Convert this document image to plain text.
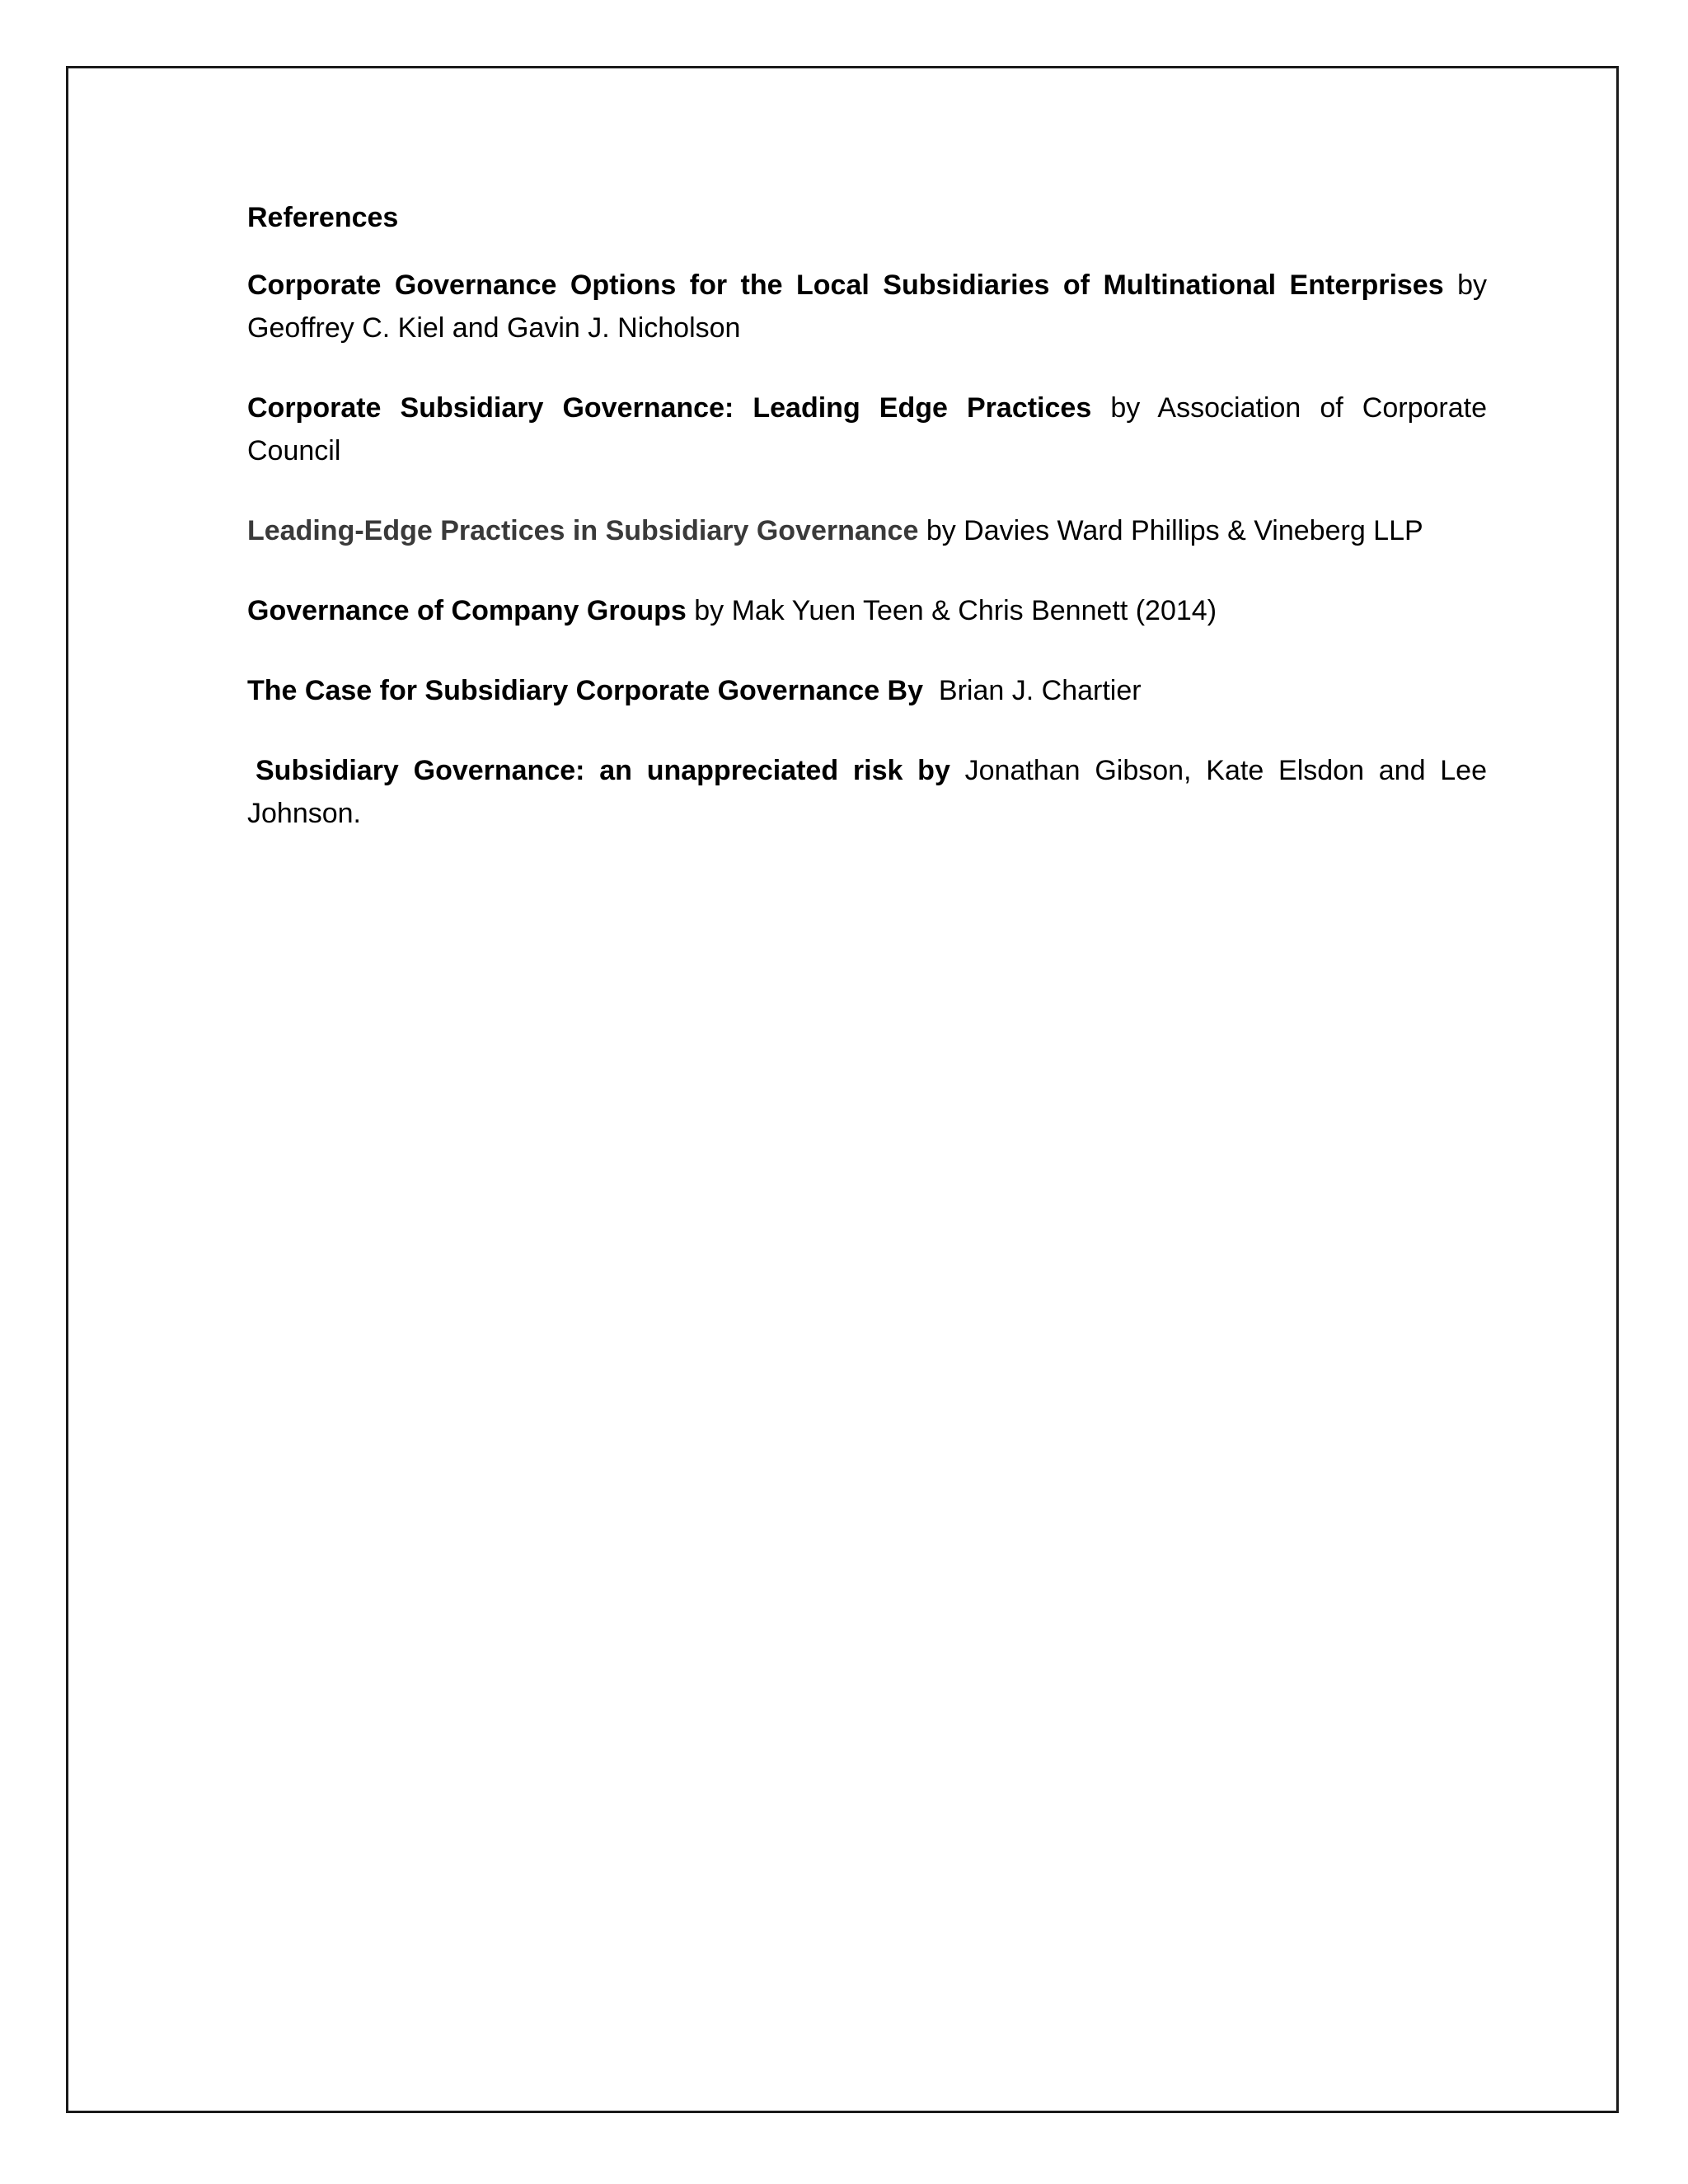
References

Corporate Governance Options for the Local Subsidiaries of Multinational Enterprises by Geoffrey C. Kiel and Gavin J. Nicholson

Corporate Subsidiary Governance: Leading Edge Practices by Association of Corporate Council

Leading-Edge Practices in Subsidiary Governance by Davies Ward Phillips & Vineberg LLP

Governance of Company Groups by Mak Yuen Teen & Chris Bennett (2014)

The Case for Subsidiary Corporate Governance By  Brian J. Chartier

Subsidiary Governance: an unappreciated risk by Jonathan Gibson, Kate Elsdon and Lee Johnson.
